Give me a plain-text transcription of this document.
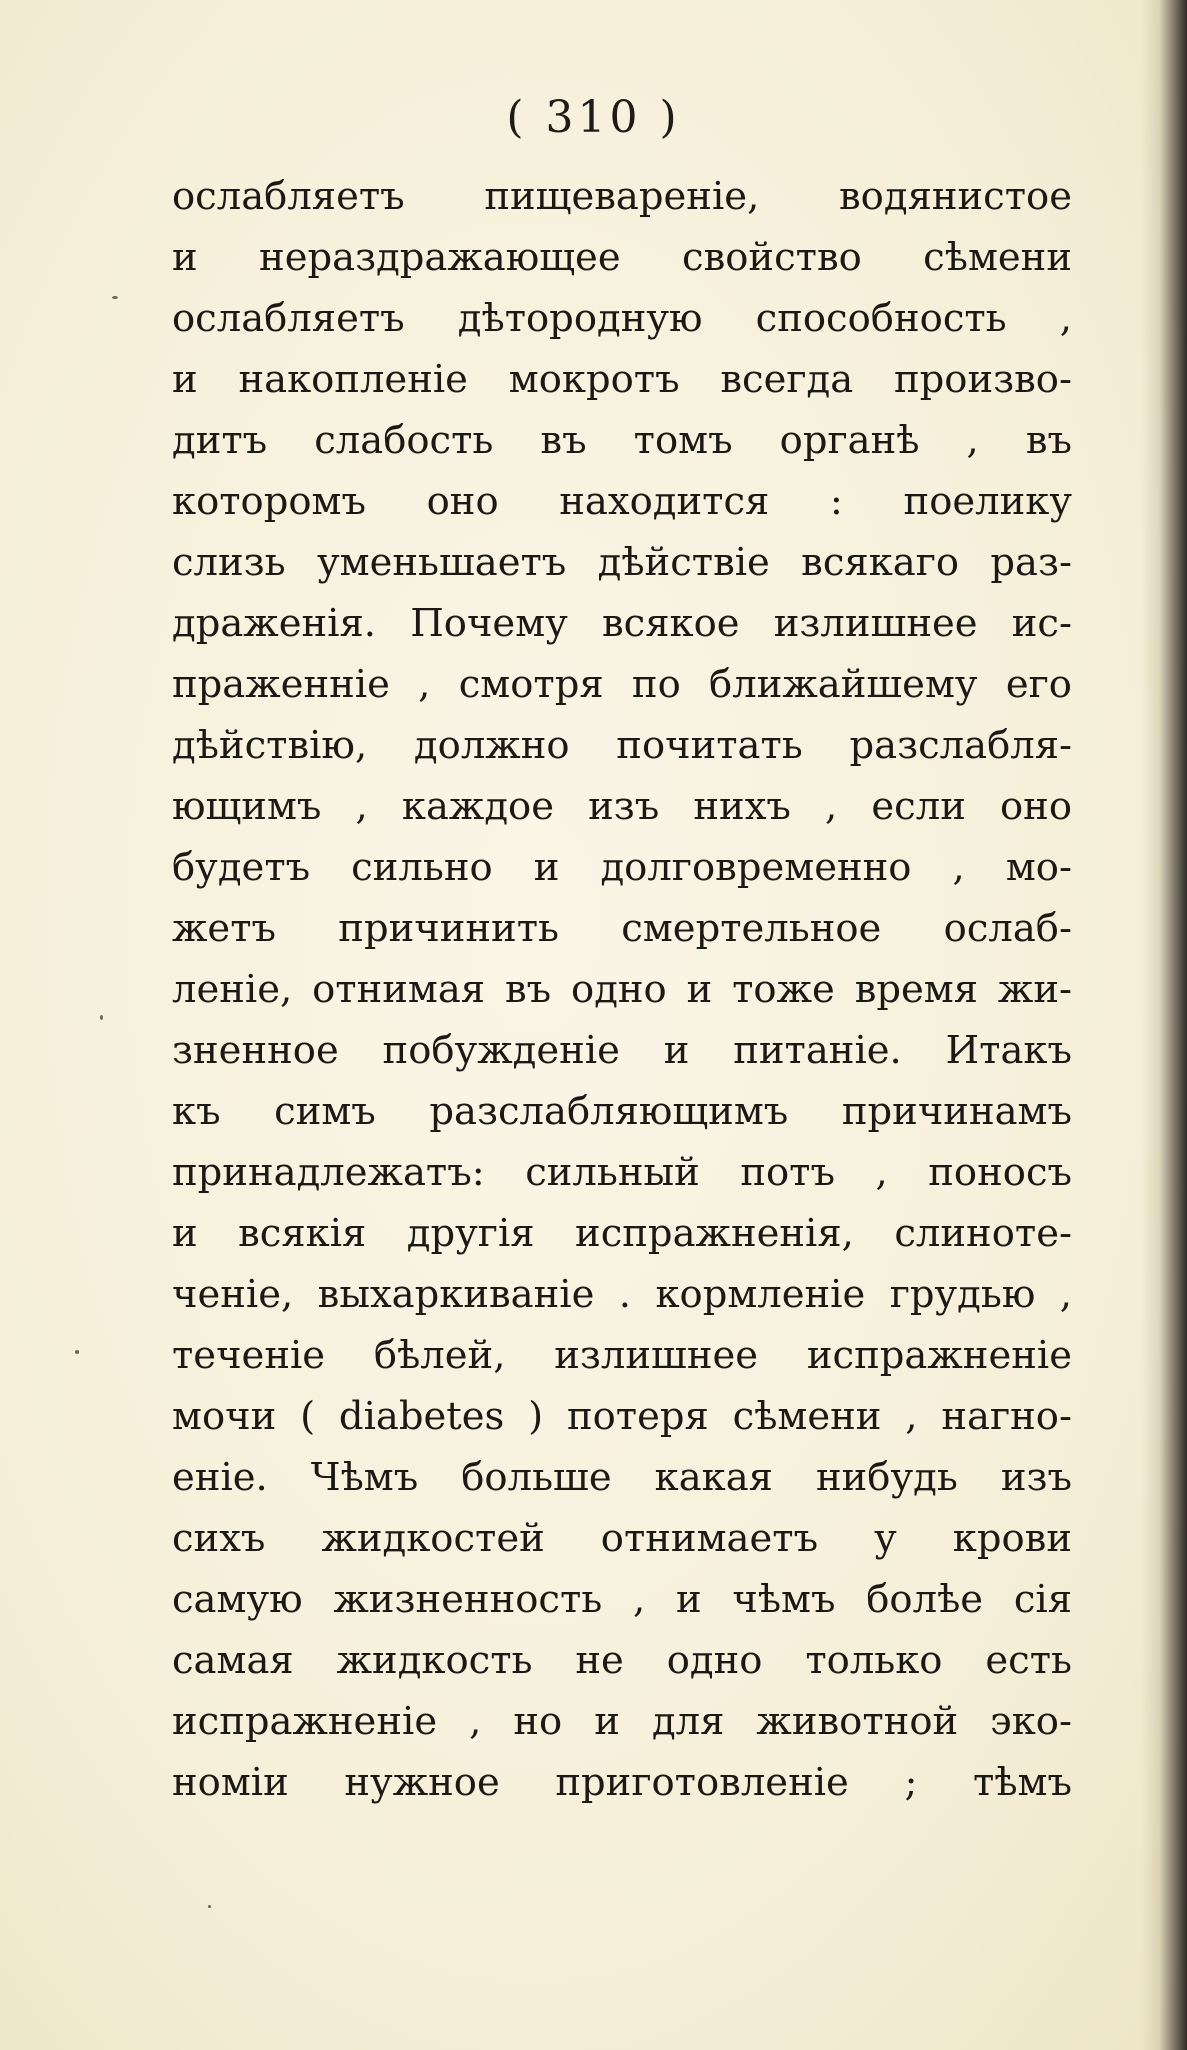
( 310 )
ослабляетъ пищевареніе, водянистое
и нераздражающее свойство сѣмени
ослабляетъ дѣтородную способность ,
и накопленіе мокротъ всегда произво-
дитъ слабость въ томъ органѣ , въ
которомъ оно находится : поелику
слизь уменьшаетъ дѣйствіе всякаго раз-
драженія. Почему всякое излишнее ис-
праженніе , смотря по ближайшему его
дѣйствію, должно почитать разслабля-
ющимъ , каждое изъ нихъ , если оно
будетъ сильно и долговременно , мо-
жетъ причинить смертельное ослаб-
леніе, отнимая въ одно и тоже время жи-
зненное побужденіе и питаніе. Итакъ
къ симъ разслабляющимъ причинамъ
принадлежатъ: сильный потъ , поносъ
и всякія другія испражненія, слинотe-
ченіе, выхаркиваніе . кормленіе грудью ,
теченіе бѣлей, излишнее испражненіе
мочи ( diabetes ) потеря сѣмени , нагно-
еніе. Чѣмъ больше какая нибудь изъ
сихъ жидкостей отнимаетъ у крови
самую жизненность , и чѣмъ болѣе сія
самая жидкость не одно только есть
испражненіе , но и для животной эко-
номіи нужное приготовленіе ; тѣмъ
